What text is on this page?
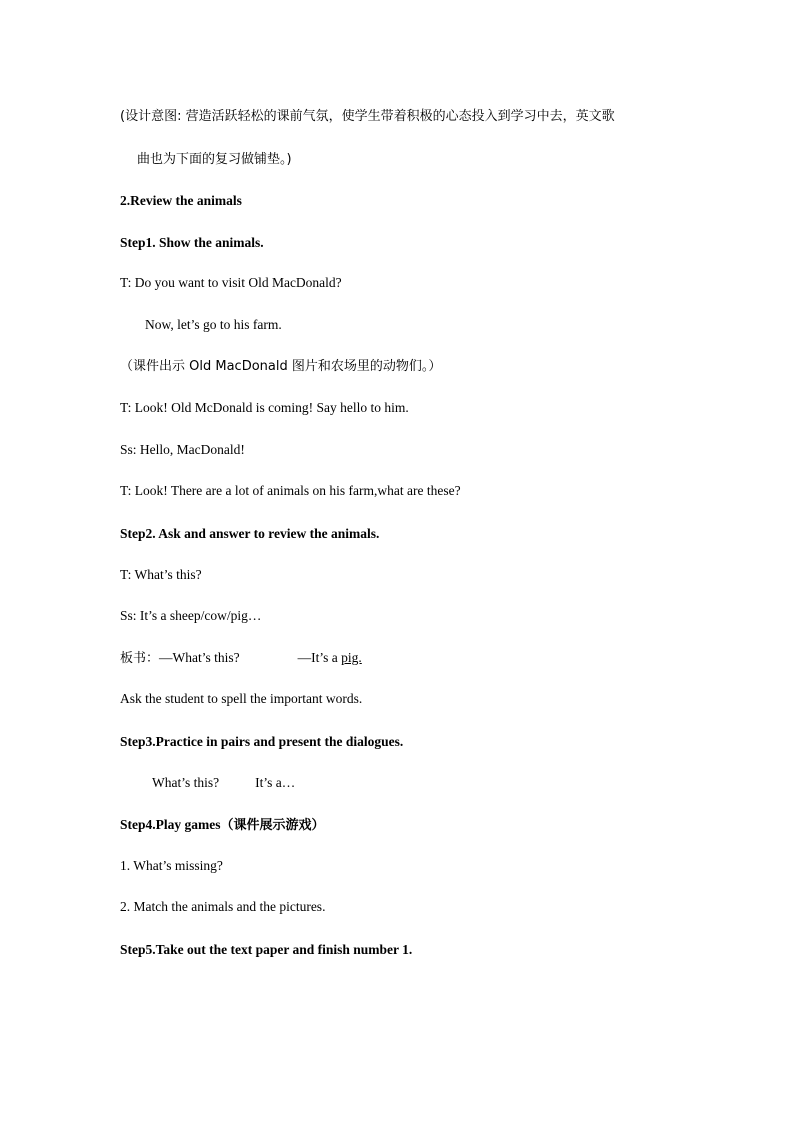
(设计意图: 营造活跃轻松的课前气氛，使学生带着积极的心态投入到学习中去，英文歌
曲也为下面的复习做铺垫。)
2.Review the animals
Step1. Show the animals.
T: Do you want to visit Old MacDonald?
Now, let’s go to his farm.
（课件出示 Old MacDonald 图片和农场里的动物们。）
T: Look! Old McDonald is coming! Say hello to him.
Ss: Hello, MacDonald!
T: Look! There are a lot of animals on his farm,what are these?
Step2. Ask and answer to review the animals.
T: What’s this?
Ss: It’s a sheep/cow/pig…
板书：—What’s this?	—It’s a pig.
Ask the student to spell the important words.
Step3.Practice in pairs and present the dialogues.
What’s this?	It’s a…
Step4.Play games（课件展示游戏）
1. What’s missing?
2. Match the animals and the pictures.
Step5.Take out the text paper and finish number 1.
